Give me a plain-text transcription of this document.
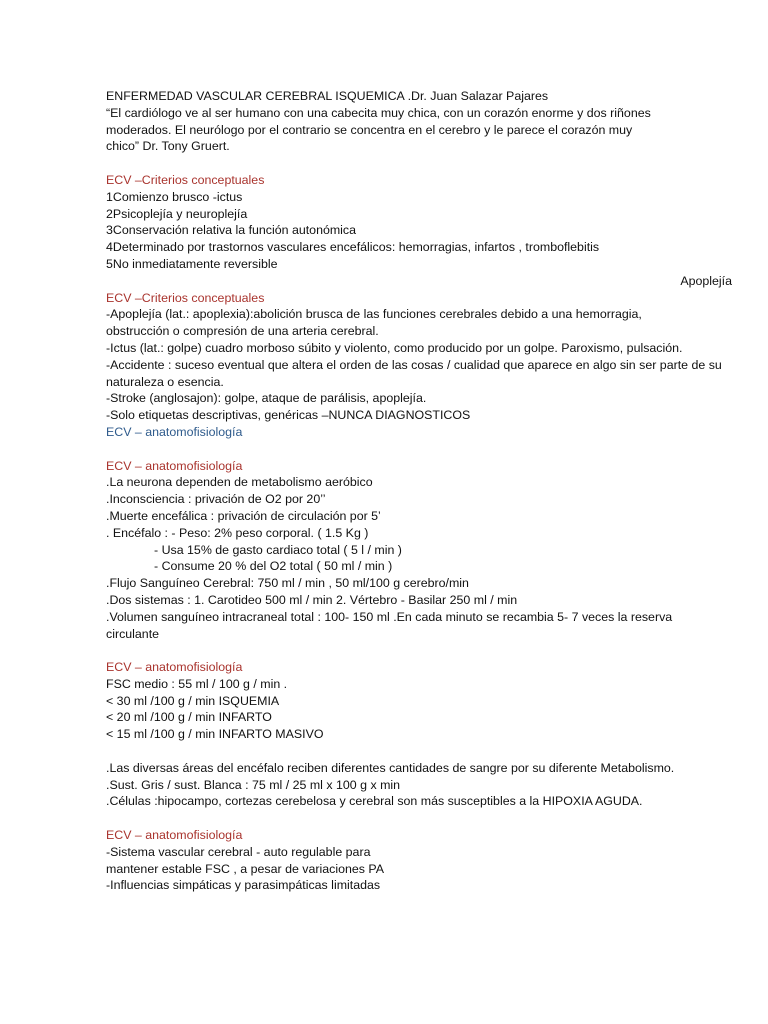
ENFERMEDAD VASCULAR CEREBRAL ISQUEMICA .Dr. Juan Salazar Pajares
“El cardiólogo ve al ser humano con una cabecita muy chica, con un corazón enorme y dos riñones
moderados. El neurólogo por el contrario se concentra en el cerebro y le parece el corazón muy
chico” Dr. Tony Gruert.
ECV –Criterios conceptuales
1Comienzo brusco -ictus
2Psicoplejía y neuroplejía
3Conservación relativa la función autonómica
4Determinado por trastornos vasculares encefálicos: hemorragias, infartos , tromboflebitis
5No inmediatamente reversible
Apoplejía
ECV –Criterios conceptuales
-Apoplejía (lat.: apoplexia):abolición brusca de las funciones cerebrales debido a una hemorragia,
obstrucción o compresión de una arteria cerebral.
-Ictus (lat.: golpe) cuadro morboso súbito y violento, como producido por un golpe. Paroxismo, pulsación.
-Accidente : suceso eventual que altera el orden de las cosas / cualidad que aparece en algo sin ser parte de su
naturaleza o esencia.
-Stroke (anglosajon): golpe, ataque de parálisis, apoplejía.
-Solo etiquetas descriptivas, genéricas –NUNCA DIAGNOSTICOS
ECV – anatomofisiología
ECV – anatomofisiología
.La neurona dependen de metabolismo aeróbico
.Inconsciencia : privación de O2 por 20’’
.Muerte encefálica : privación de circulación por 5’
. Encéfalo : - Peso: 2% peso corporal. ( 1.5 Kg )
- Usa 15% de gasto cardiaco total ( 5 l / min )
- Consume 20 % del O2 total ( 50 ml / min )
.Flujo Sanguíneo Cerebral: 750 ml / min , 50 ml/100 g cerebro/min
.Dos sistemas : 1. Carotideo 500 ml / min 2. Vértebro - Basilar 250 ml / min
.Volumen sanguíneo intracraneal total : 100- 150 ml .En cada minuto se recambia 5- 7 veces la reserva
circulante
ECV – anatomofisiología
FSC medio : 55 ml / 100 g / min .
< 30 ml /100 g / min ISQUEMIA
< 20 ml /100 g / min INFARTO
< 15 ml /100 g / min INFARTO MASIVO
.Las diversas áreas del encéfalo reciben diferentes cantidades de sangre por su diferente Metabolismo.
.Sust. Gris / sust. Blanca : 75 ml / 25 ml x 100 g x min
.Células :hipocampo, cortezas cerebelosa y cerebral son más susceptibles a la HIPOXIA AGUDA.
ECV – anatomofisiología
-Sistema vascular cerebral - auto regulable para
mantener estable FSC , a pesar de variaciones PA
-Influencias simpáticas y parasimpáticas limitadas
